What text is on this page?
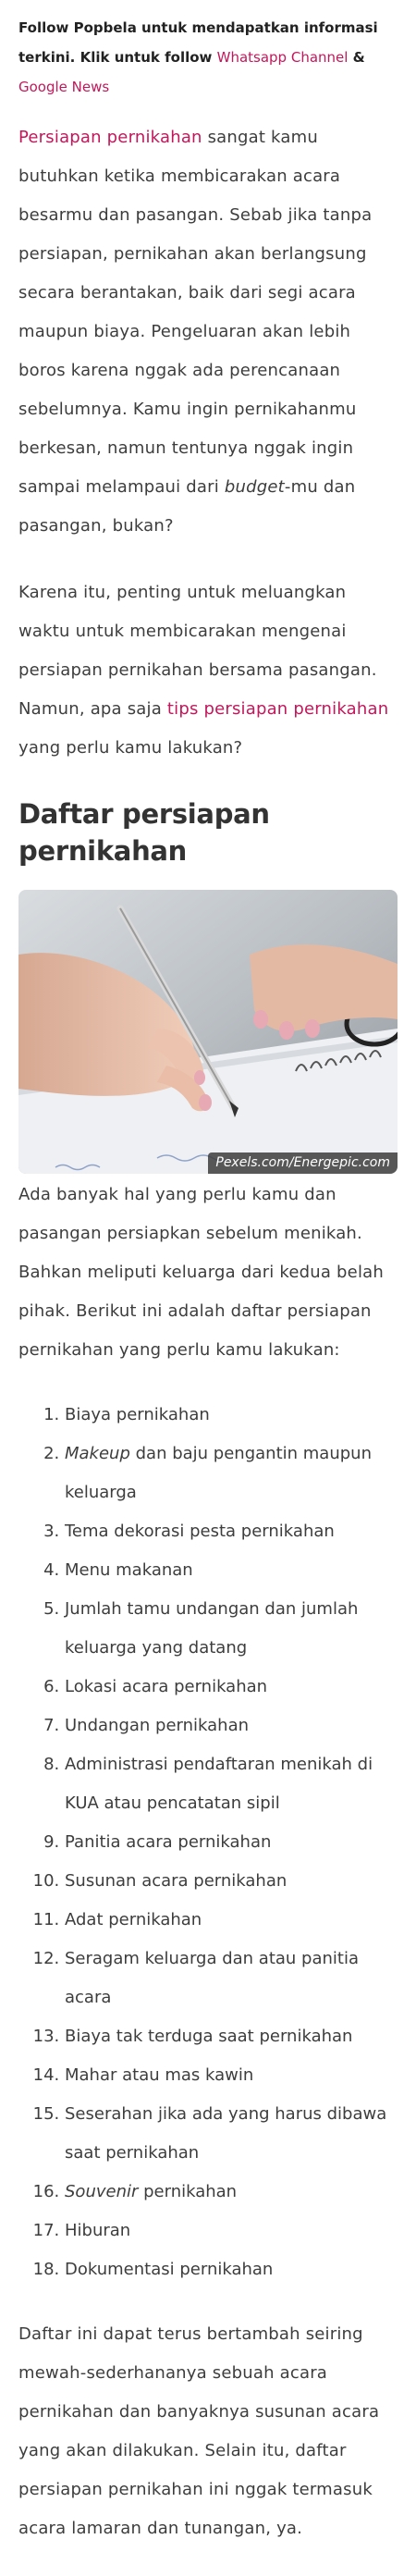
Follow Popbela untuk mendapatkan informasi terkini. Klik untuk follow Whatsapp Channel & Google News

Persiapan pernikahan sangat kamu butuhkan ketika membicarakan acara besarmu dan pasangan. Sebab jika tanpa persiapan, pernikahan akan berlangsung secara berantakan, baik dari segi acara maupun biaya. Pengeluaran akan lebih boros karena nggak ada perencanaan sebelumnya. Kamu ingin pernikahanmu berkesan, namun tentunya nggak ingin sampai melampaui dari budget-mu dan pasangan, bukan?

Karena itu, penting untuk meluangkan waktu untuk membicarakan mengenai persiapan pernikahan bersama pasangan. Namun, apa saja tips persiapan pernikahan yang perlu kamu lakukan?

Daftar persiapan pernikahan
Pexels.com/Energepic.com

Ada banyak hal yang perlu kamu dan pasangan persiapkan sebelum menikah. Bahkan meliputi keluarga dari kedua belah pihak. Berikut ini adalah daftar persiapan pernikahan yang perlu kamu lakukan:

1. Biaya pernikahan
2. Makeup dan baju pengantin maupun keluarga
3. Tema dekorasi pesta pernikahan
4. Menu makanan
5. Jumlah tamu undangan dan jumlah keluarga yang datang
6. Lokasi acara pernikahan
7. Undangan pernikahan
8. Administrasi pendaftaran menikah di KUA atau pencatatan sipil
9. Panitia acara pernikahan
10. Susunan acara pernikahan
11. Adat pernikahan
12. Seragam keluarga dan atau panitia acara
13. Biaya tak terduga saat pernikahan
14. Mahar atau mas kawin
15. Seserahan jika ada yang harus dibawa saat pernikahan
16. Souvenir pernikahan
17. Hiburan
18. Dokumentasi pernikahan

Daftar ini dapat terus bertambah seiring mewah-sederhananya sebuah acara pernikahan dan banyaknya susunan acara yang akan dilakukan. Selain itu, daftar persiapan pernikahan ini nggak termasuk acara lamaran dan tunangan, ya.
